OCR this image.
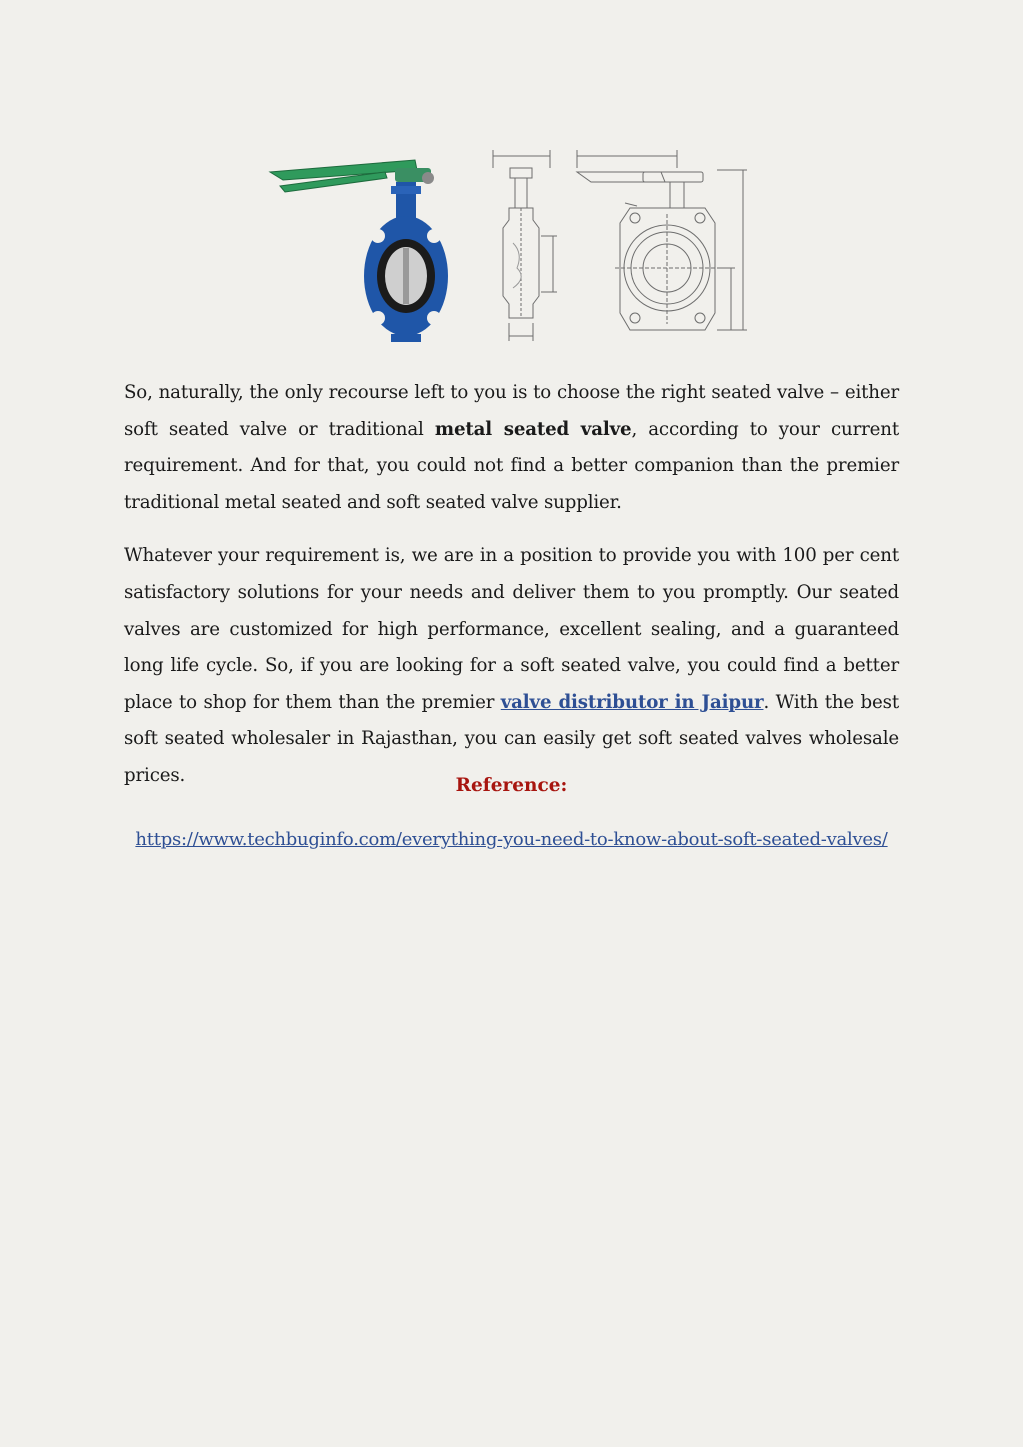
So, naturally, the only recourse left to you is to choose the right seated valve – either soft seated valve or traditional metal seated valve, according to your current requirement. And for that, you could not find a better companion than the premier traditional metal seated and soft seated valve supplier.

Whatever your requirement is, we are in a position to provide you with 100 per cent satisfactory solutions for your needs and deliver them to you promptly. Our seated valves are customized for high performance, excellent sealing, and a guaranteed long life cycle. So, if you are looking for a soft seated valve, you could find a better place to shop for them than the premier valve distributor in Jaipur. With the best soft seated wholesaler in Rajasthan, you can easily get soft seated valves wholesale prices.	Reference:
https://www.techbuginfo.com/everything-you-need-to-know-about-soft-seated-valves/
